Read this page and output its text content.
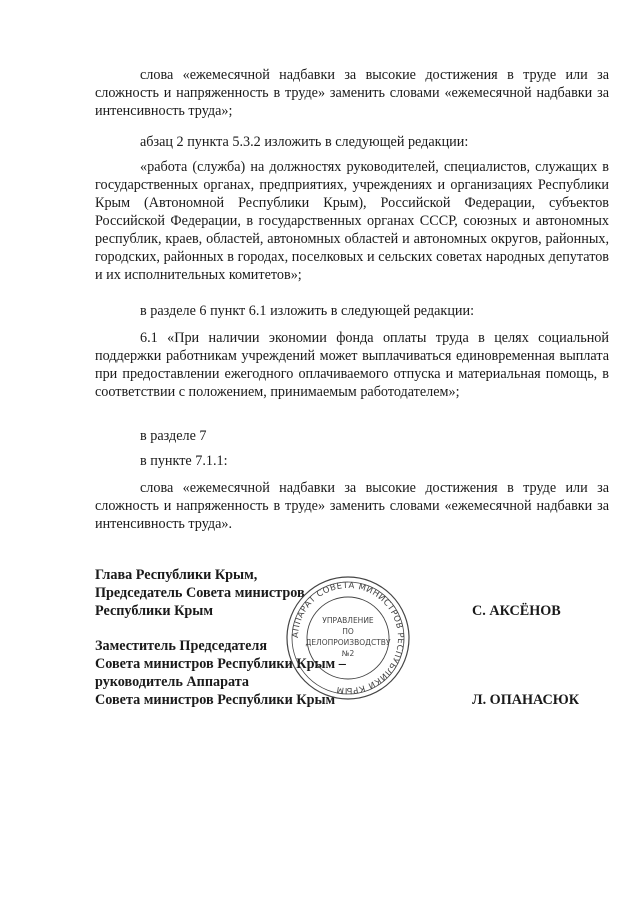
слова «ежемесячной надбавки за высокие достижения в труде или за сложность и напряженность в труде» заменить словами «ежемесячной надбавки за интенсивность труда»;

абзац 2 пункта 5.3.2 изложить в следующей редакции:

«работа (служба) на должностях руководителей, специалистов, служащих в государственных органах, предприятиях, учреждениях и организациях Республики Крым (Автономной Республики Крым), Российской Федерации, субъектов Российской Федерации, в государственных органах СССР, союзных и автономных республик, краев, областей, автономных областей и автономных округов, районных, городских, районных в городах, поселковых и сельских советах народных депутатов и их исполнительных комитетов»;

в разделе 6 пункт 6.1 изложить в следующей редакции:

6.1 «При наличии экономии фонда оплаты труда в целях социальной поддержки работникам учреждений может выплачиваться единовременная выплата при предоставлении ежегодного оплачиваемого отпуска и материальная помощь, в соответствии с положением, принимаемым работодателем»;

в разделе 7

в пункте 7.1.1:

слова «ежемесячной надбавки за высокие достижения в труде или за сложность и напряженность в труде» заменить словами «ежемесячной надбавки за интенсивность труда».

Глава Республики Крым,
Председатель Совета министров
Республики Крым	С. АКСЁНОВ
Заместитель Председателя
Совета министров Республики Крым –
руководитель Аппарата
Совета министров Республики Крым	Л. ОПАНАСЮК
АППАРАТ СОВЕТА МИНИСТРОВ РЕСПУБЛИКИ КРЫМ
УПРАВЛЕНИЕ
ПО
ДЕЛОПРОИЗВОДСТВУ
№2
